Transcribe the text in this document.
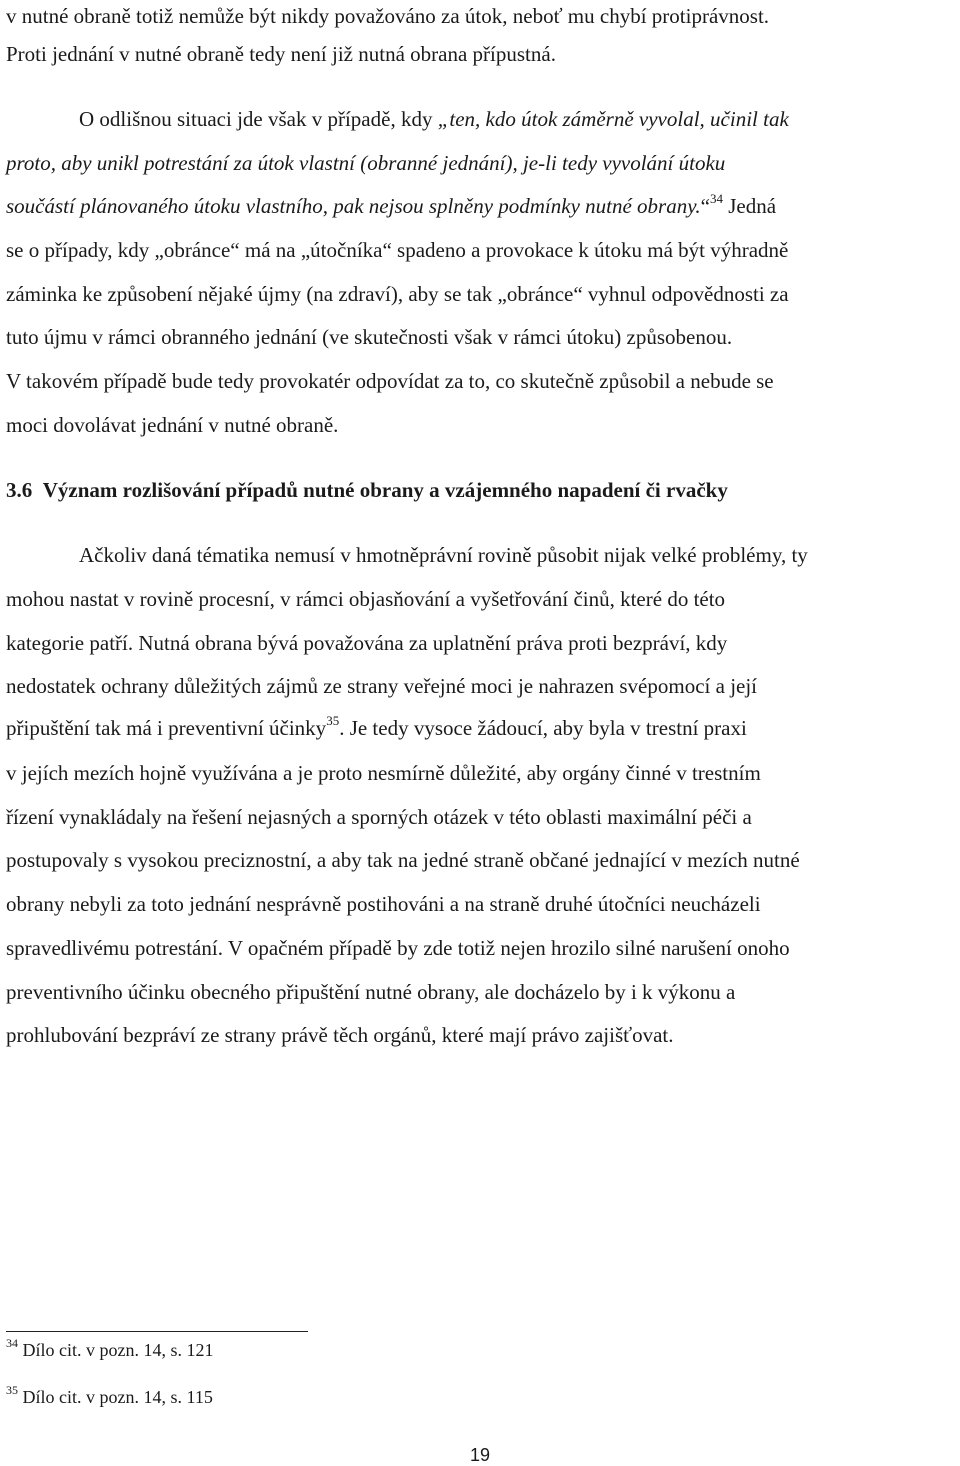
v nutné obraně totiž nemůže být nikdy považováno za útok, neboť mu chybí protiprávnost.
Proti jednání v nutné obraně tedy není již nutná obrana přípustná.
O odlišnou situaci jde však v případě, kdy „ten, kdo útok záměrně vyvolal, učinil tak
proto, aby unikl potrestání za útok vlastní (obranné jednání), je-li tedy vyvolání útoku
součástí plánovaného útoku vlastního, pak nejsou splněny podmínky nutné obrany.“$^{34}$ Jedná
se o případy, kdy „obránce“ má na „útočníka“ spadeno a provokace k útoku má být výhradně
záminka ke způsobení nějaké újmy (na zdraví), aby se tak „obránce“ vyhnul odpovědnosti za
tuto újmu v rámci obranného jednání (ve skutečnosti však v rámci útoku) způsobenou.
V takovém případě bude tedy provokatér odpovídat za to, co skutečně způsobil a nebude se
moci dovolávat jednání v nutné obraně.
3.6 Význam rozlišování případů nutné obrany a vzájemného napadení či rvačky
Ačkoliv daná tématika nemusí v hmotněprávní rovině působit nijak velké problémy, ty
mohou nastat v rovině procesní, v rámci objasňování a vyšetřování činů, které do této
kategorie patří. Nutná obrana bývá považována za uplatnění práva proti bezpráví, kdy
nedostatek ochrany důležitých zájmů ze strany veřejné moci je nahrazen svépomocí a její
připuštění tak má i preventivní účinky$^{35}$. Je tedy vysoce žádoucí, aby byla v trestní praxi
v jejích mezích hojně využívána a je proto nesmírně důležité, aby orgány činné v trestním
řízení vynakládaly na řešení nejasných a sporných otázek v této oblasti maximální péči a
postupovaly s vysokou preciznostní, a aby tak na jedné straně občané jednající v mezích nutné
obrany nebyli za toto jednání nesprávně postihováni a na straně druhé útočníci neucházeli
spravedlivému potrestání. V opačném případě by zde totiž nejen hrozilo silné narušení onoho
preventivního účinku obecného připuštění nutné obrany, ale docházelo by i k výkonu a
prohlubování bezpráví ze strany právě těch orgánů, které mají právo zajišťovat.
$^{34}$ Dílo cit. v pozn. 14, s. 121
$^{35}$ Dílo cit. v pozn. 14, s. 115
19
